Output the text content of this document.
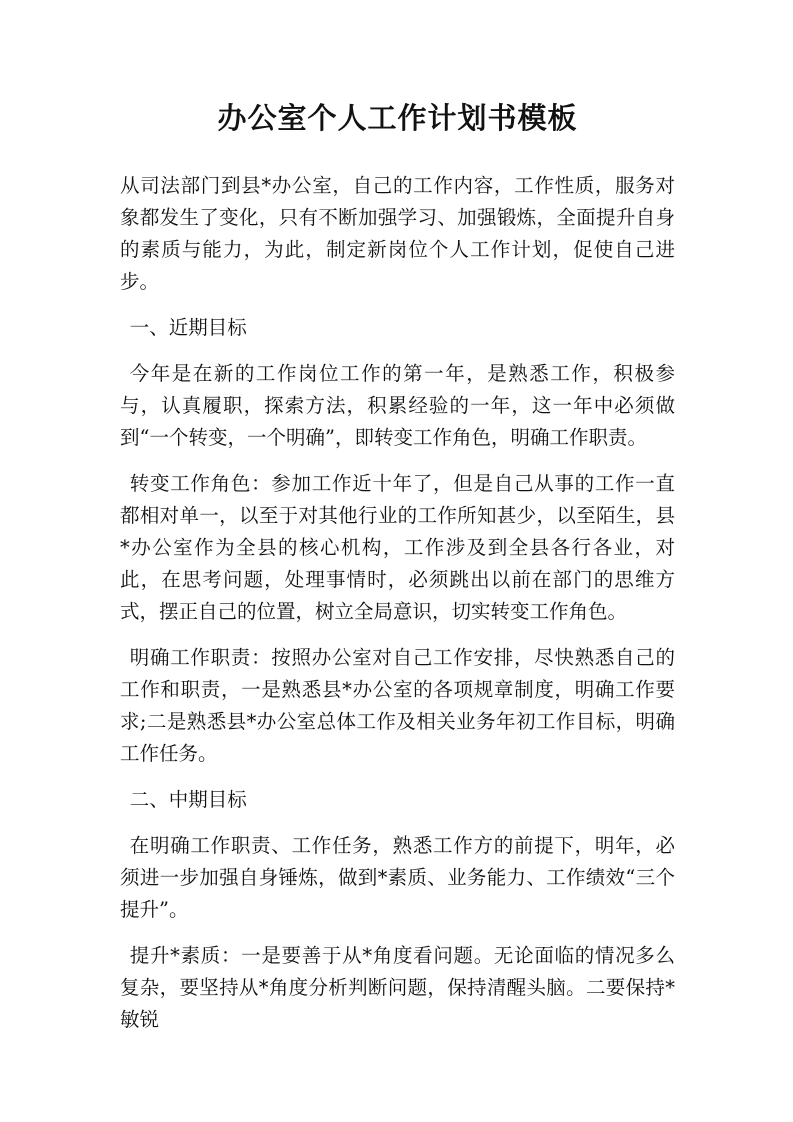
办公室个人工作计划书模板

从司法部门到县*办公室，自己的工作内容，工作性质，服务对象都发生了变化，只有不断加强学习、加强锻炼，全面提升自身的素质与能力，为此，制定新岗位个人工作计划，促使自己进步。

一、近期目标

今年是在新的工作岗位工作的第一年，是熟悉工作，积极参与，认真履职，探索方法，积累经验的一年，这一年中必须做到“一个转变，一个明确”，即转变工作角色，明确工作职责。

转变工作角色：参加工作近十年了，但是自己从事的工作一直都相对单一，以至于对其他行业的工作所知甚少，以至陌生，县*办公室作为全县的核心机构，工作涉及到全县各行各业，对此，在思考问题，处理事情时，必须跳出以前在部门的思维方式，摆正自己的位置，树立全局意识，切实转变工作角色。

明确工作职责：按照办公室对自己工作安排，尽快熟悉自己的工作和职责，一是熟悉县*办公室的各项规章制度，明确工作要求;二是熟悉县*办公室总体工作及相关业务年初工作目标，明确工作任务。

二、中期目标

在明确工作职责、工作任务，熟悉工作方的前提下，明年，必须进一步加强自身锤炼，做到*素质、业务能力、工作绩效“三个提升”。

提升*素质：一是要善于从*角度看问题。无论面临的情况多么复杂，要坚持从*角度分析判断问题，保持清醒头脑。二要保持*敏锐
